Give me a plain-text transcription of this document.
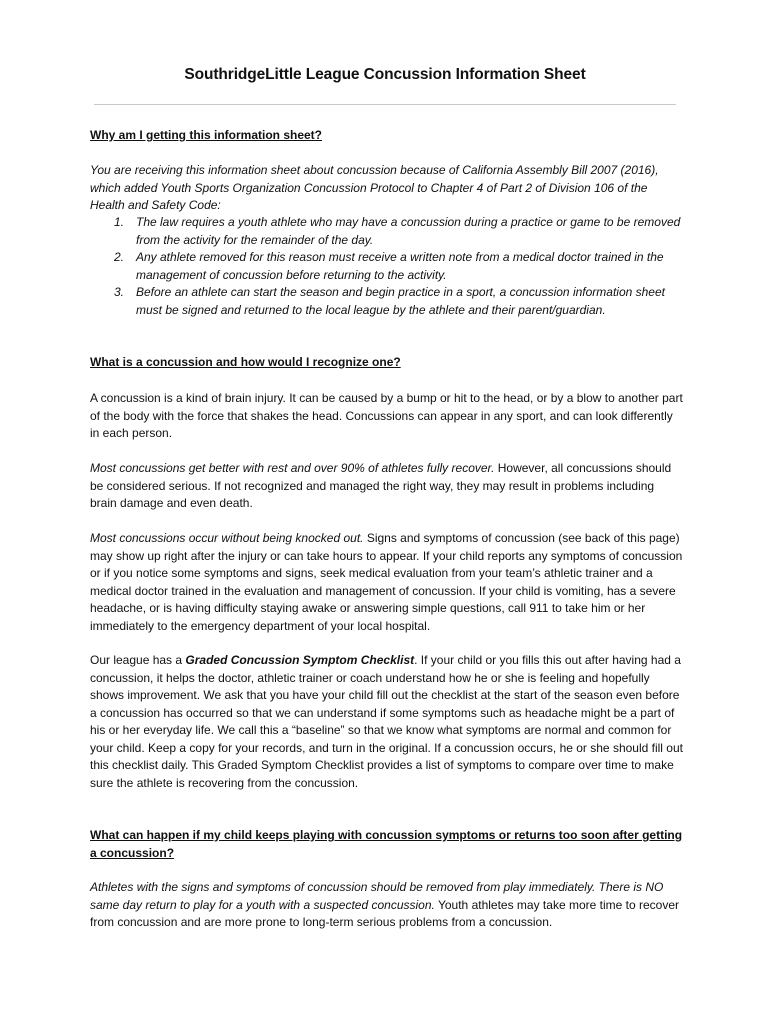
SouthridgeLittle League Concussion Information Sheet
Why am I getting this information sheet?

You are receiving this information sheet about concussion because of California Assembly Bill 2007 (2016), which added Youth Sports Organization Concussion Protocol to Chapter 4 of Part 2 of Division 106 of the Health and Safety Code:

1. The law requires a youth athlete who may have a concussion during a practice or game to be removed from the activity for the remainder of the day.
2. Any athlete removed for this reason must receive a written note from a medical doctor trained in the management of concussion before returning to the activity.
3. Before an athlete can start the season and begin practice in a sport, a concussion information sheet must be signed and returned to the local league by the athlete and their parent/guardian.
What is a concussion and how would I recognize one?

A concussion is a kind of brain injury. It can be caused by a bump or hit to the head, or by a blow to another part of the body with the force that shakes the head. Concussions can appear in any sport, and can look differently in each person.

Most concussions get better with rest and over 90% of athletes fully recover. However, all concussions should be considered serious. If not recognized and managed the right way, they may result in problems including brain damage and even death.

Most concussions occur without being knocked out. Signs and symptoms of concussion (see back of this page) may show up right after the injury or can take hours to appear. If your child reports any symptoms of concussion or if you notice some symptoms and signs, seek medical evaluation from your team’s athletic trainer and a medical doctor trained in the evaluation and management of concussion. If your child is vomiting, has a severe headache, or is having difficulty staying awake or answering simple questions, call 911 to take him or her immediately to the emergency department of your local hospital.

Our league has a Graded Concussion Symptom Checklist. If your child or you fills this out after having had a concussion, it helps the doctor, athletic trainer or coach understand how he or she is feeling and hopefully shows improvement. We ask that you have your child fill out the checklist at the start of the season even before a concussion has occurred so that we can understand if some symptoms such as headache might be a part of his or her everyday life. We call this a “baseline” so that we know what symptoms are normal and common for your child. Keep a copy for your records, and turn in the original. If a concussion occurs, he or she should fill out this checklist daily. This Graded Symptom Checklist provides a list of symptoms to compare over time to make sure the athlete is recovering from the concussion.

What can happen if my child keeps playing with concussion symptoms or returns too soon after getting a concussion?

Athletes with the signs and symptoms of concussion should be removed from play immediately. There is NO same day return to play for a youth with a suspected concussion. Youth athletes may take more time to recover from concussion and are more prone to long-term serious problems from a concussion.
